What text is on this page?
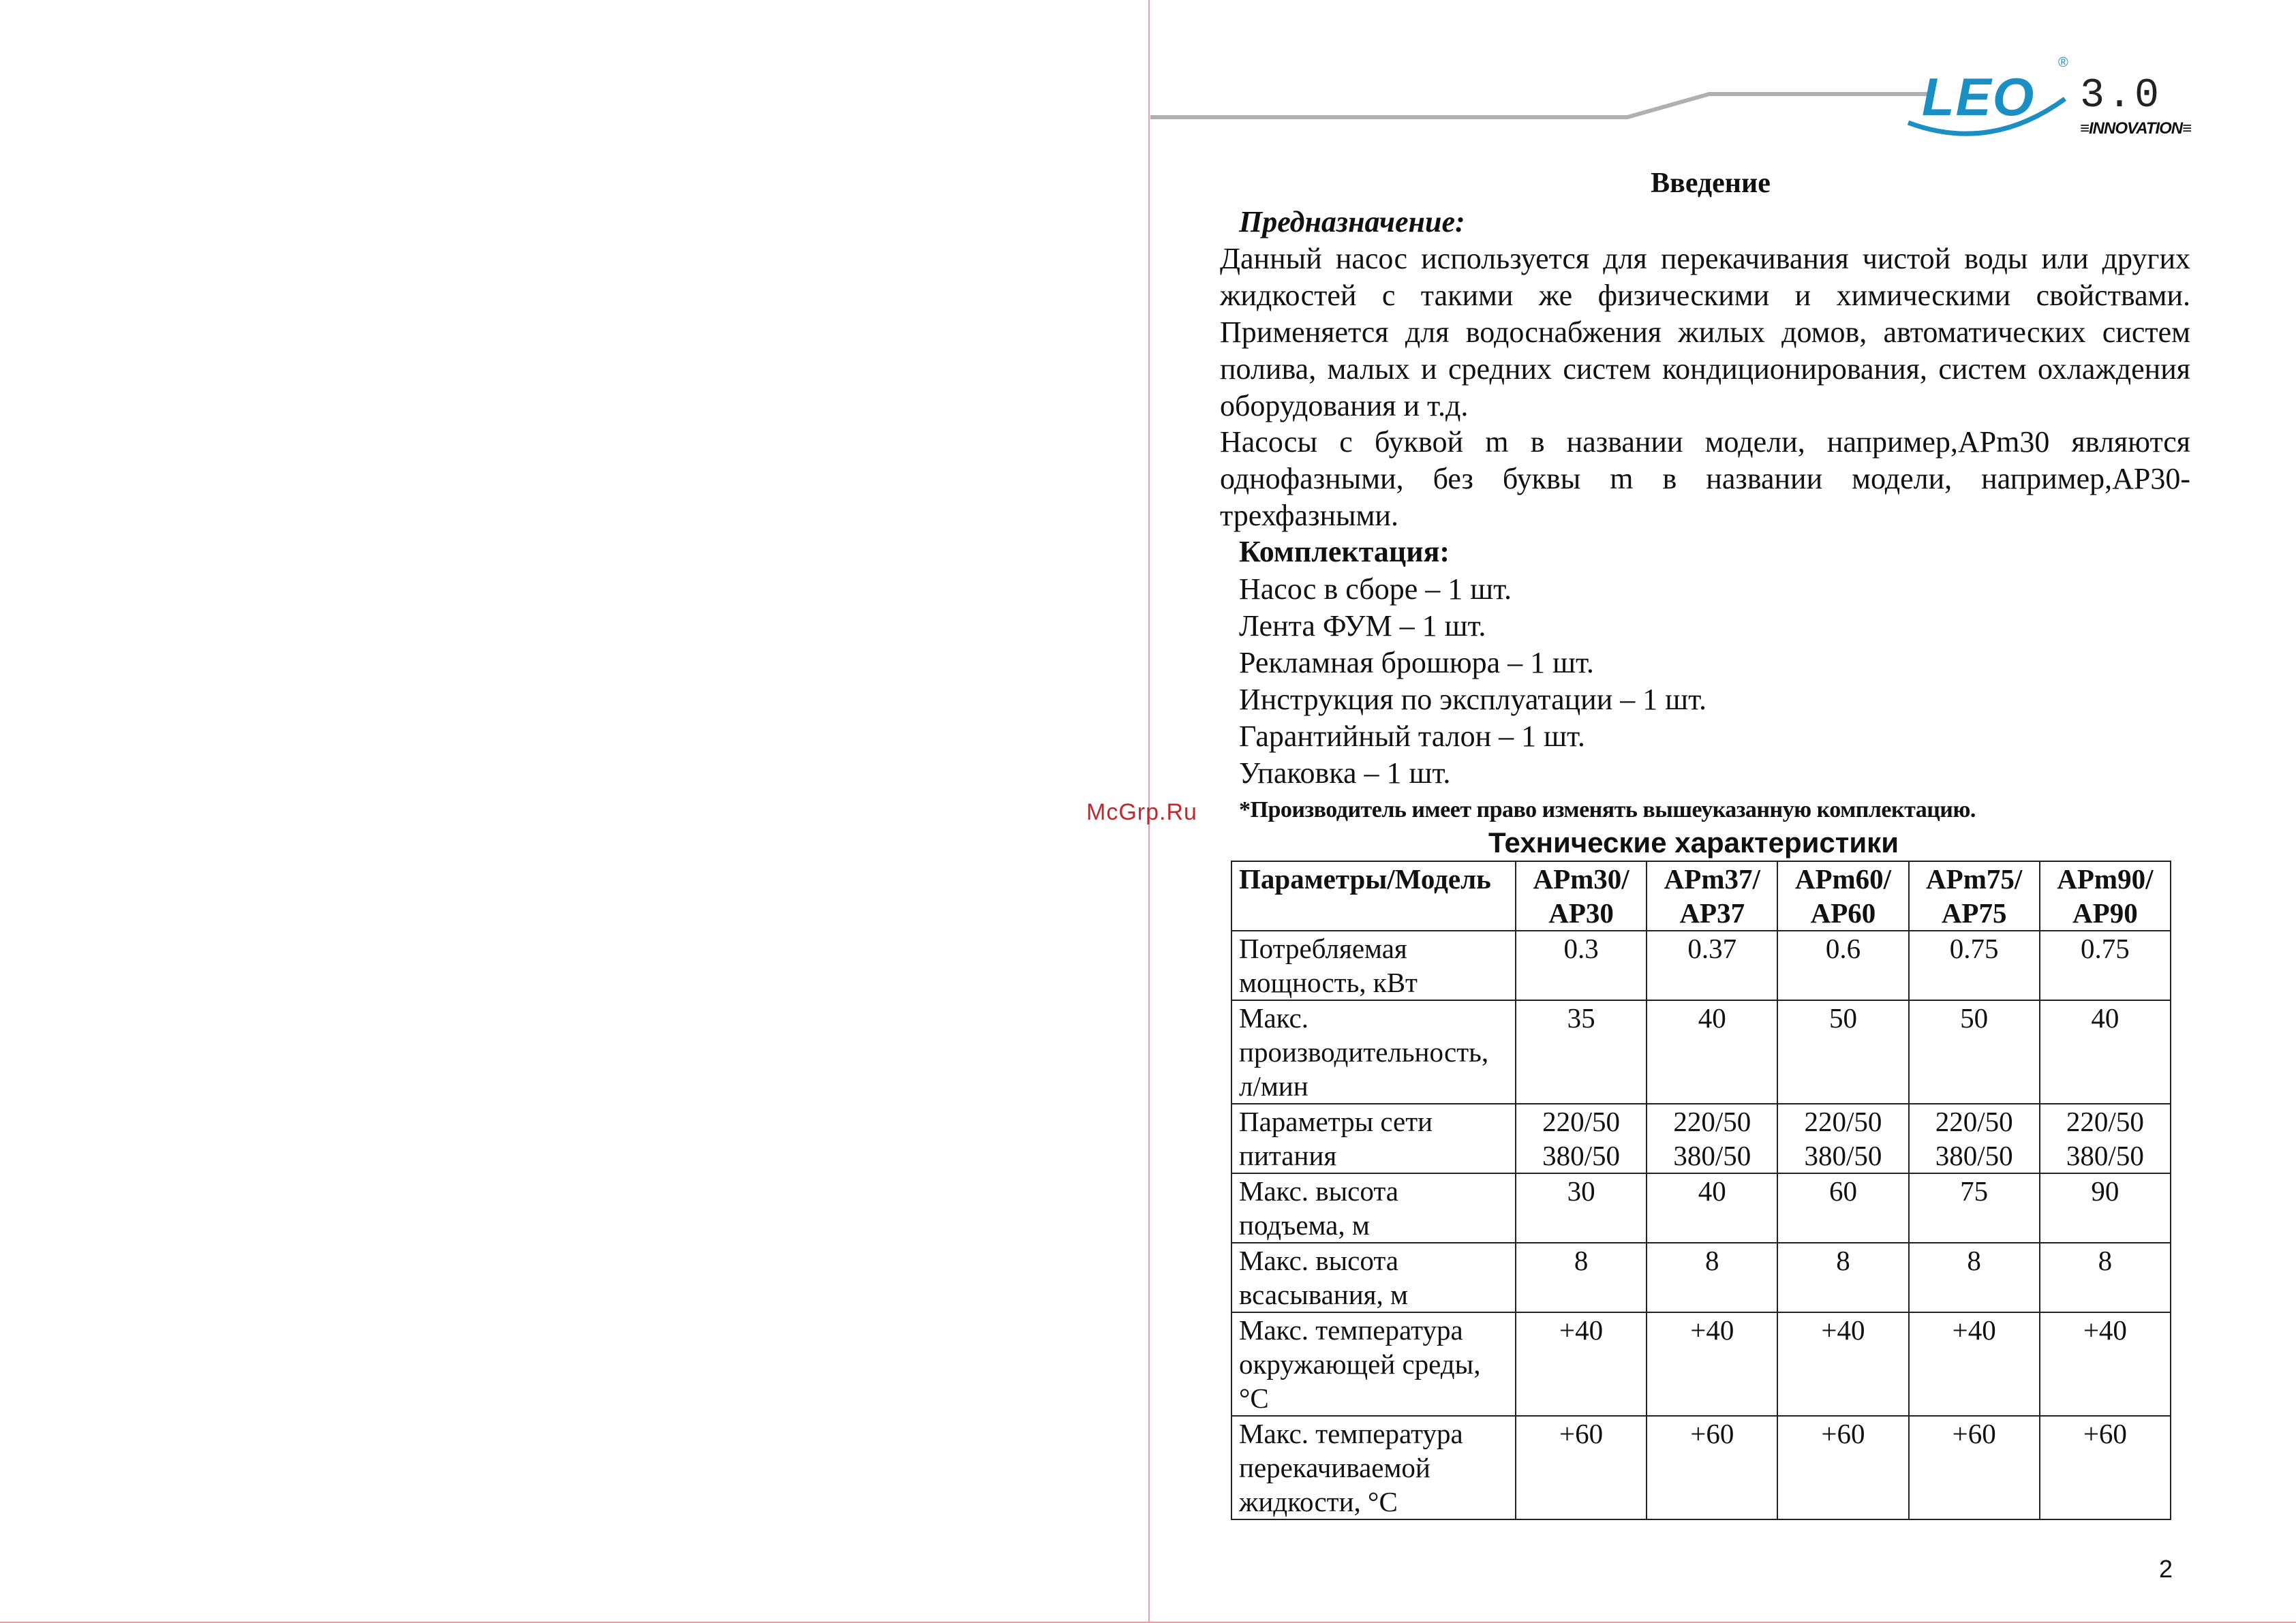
LEO
®
3.0
≡INNOVATION≡
Введение
Предназначение:

Данный насос используется для перекачивания чистой воды или других жидкостей с такими же физическими и химическими свойствами. Применяется для водоснабжения жилых домов, автоматических систем полива, малых и средних систем кондиционирования, систем охлаждения оборудования и т.д.

Насосы с буквой m в названии модели, например,APm30 являются однофазными, без буквы m в названии модели, например,AP30-трехфазными.

Комплектация:
Насос в сборе – 1 шт.
Лента ФУМ – 1 шт.
Рекламная брошюра – 1 шт.
Инструкция по эксплуатации – 1 шт.
Гарантийный талон – 1 шт.
Упаковка – 1 шт.
McGrp.Ru *Производитель имеет право изменять вышеуказанную комплектацию.
Технические характеристики
Параметры/Модель	APm30/ AP30	APm37/ AP37	APm60/ AP60	APm75/ AP75	APm90/ AP90
Потребляемая мощность, кВт	0.3	0.37	0.6	0.75	0.75
Макс. производительность, л/мин	35	40	50	50	40
Параметры сети питания	220/50 380/50	220/50 380/50	220/50 380/50	220/50 380/50	220/50 380/50
Макс. высота подъема, м	30	40	60	75	90
Макс. высота всасывания, м	8	8	8	8	8
Макс. температура окружающей среды, °C	+40	+40	+40	+40	+40
Макс. температура перекачиваемой жидкости, °C	+60	+60	+60	+60	+60
2
